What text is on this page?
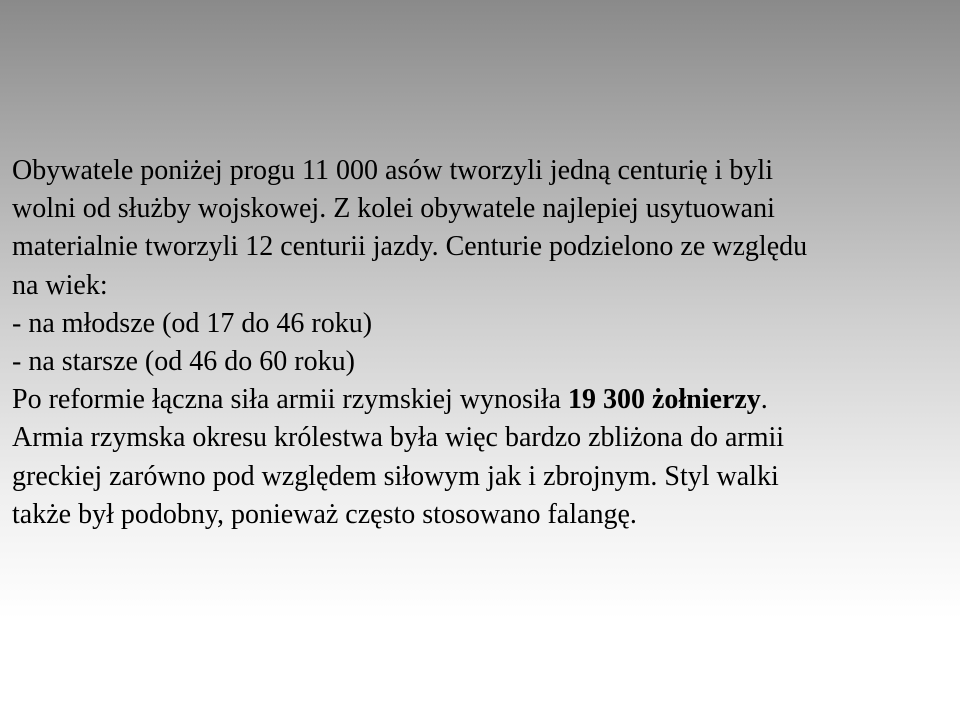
Obywatele poniżej progu 11 000 asów tworzyli jedną centurię i byli
wolni od służby wojskowej. Z kolei obywatele najlepiej usytuowani
materialnie tworzyli 12 centurii jazdy. Centurie podzielono ze względu
na wiek:
- na młodsze (od 17 do 46 roku)
- na starsze (od 46 do 60 roku)
Po reformie łączna siła armii rzymskiej wynosiła 19 300 żołnierzy.
Armia rzymska okresu królestwa była więc bardzo zbliżona do armii
greckiej zarówno pod względem siłowym jak i zbrojnym. Styl walki
także był podobny, ponieważ często stosowano falangę.
